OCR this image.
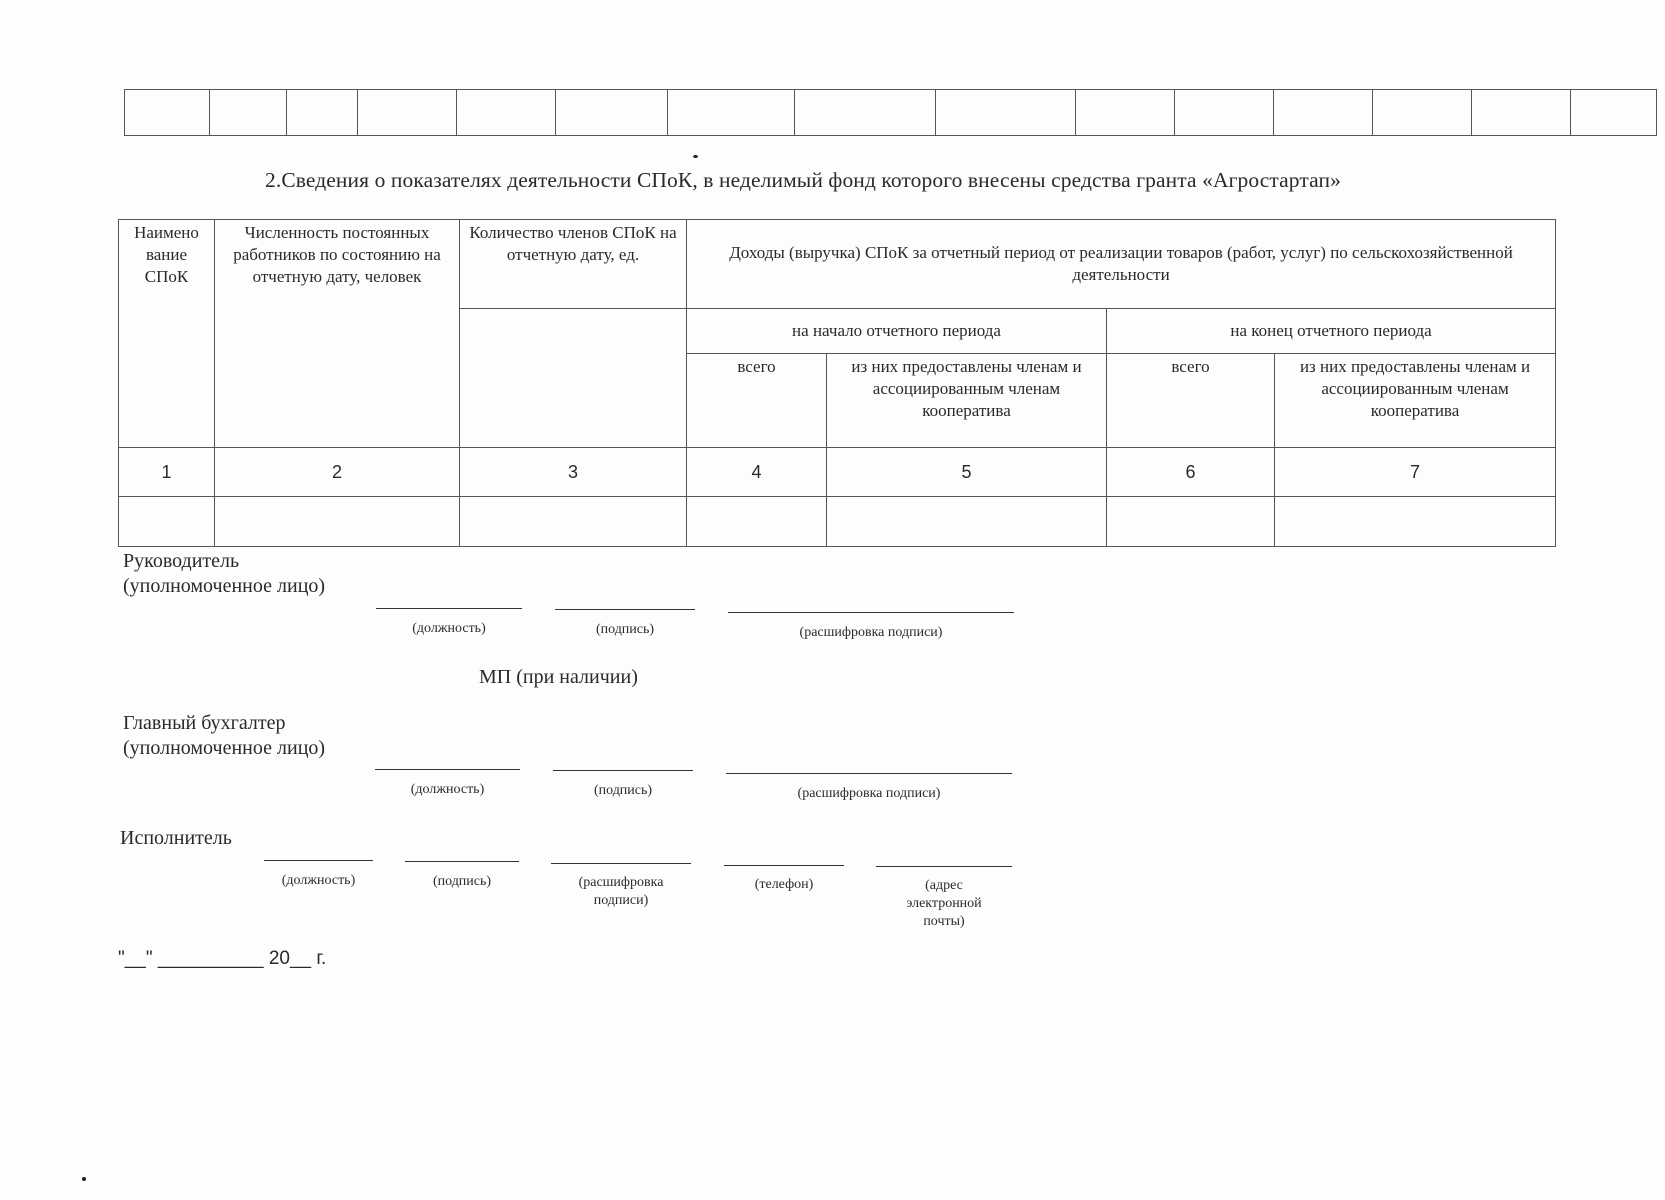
2.Сведения о показателях деятельности СПоК, в неделимый фонд которого внесены средства гранта «Агростартап»
Наимено вание СПоК	Численность постоянных работников по состоянию на отчетную дату, человек	Количество членов СПоК на отчетную дату, ед.	Доходы (выручка) СПоК за отчетный период от реализации товаров (работ, услуг) по сельскохозяйственной деятельности			
			на начало отчетного периода		на конец отчетного периода	
			всего	из них предоставлены членам и ассоциированным членам кооператива	всего	из них предоставлены членам и ассоциированным членам кооператива
1	2	3	4	5	6	7

Руководитель
(уполномоченное лицо)
(должность)	(подпись)	(расшифровка подписи)
МП (при наличии)
Главный бухгалтер
(уполномоченное лицо)
(должность)	(подпись)	(расшифровка подписи)
Исполнитель
(должность)	(подпись)	(расшифровка
подписи)
(телефон)	(адрес
электронной
почты)
"__" __________ 20__ г.
